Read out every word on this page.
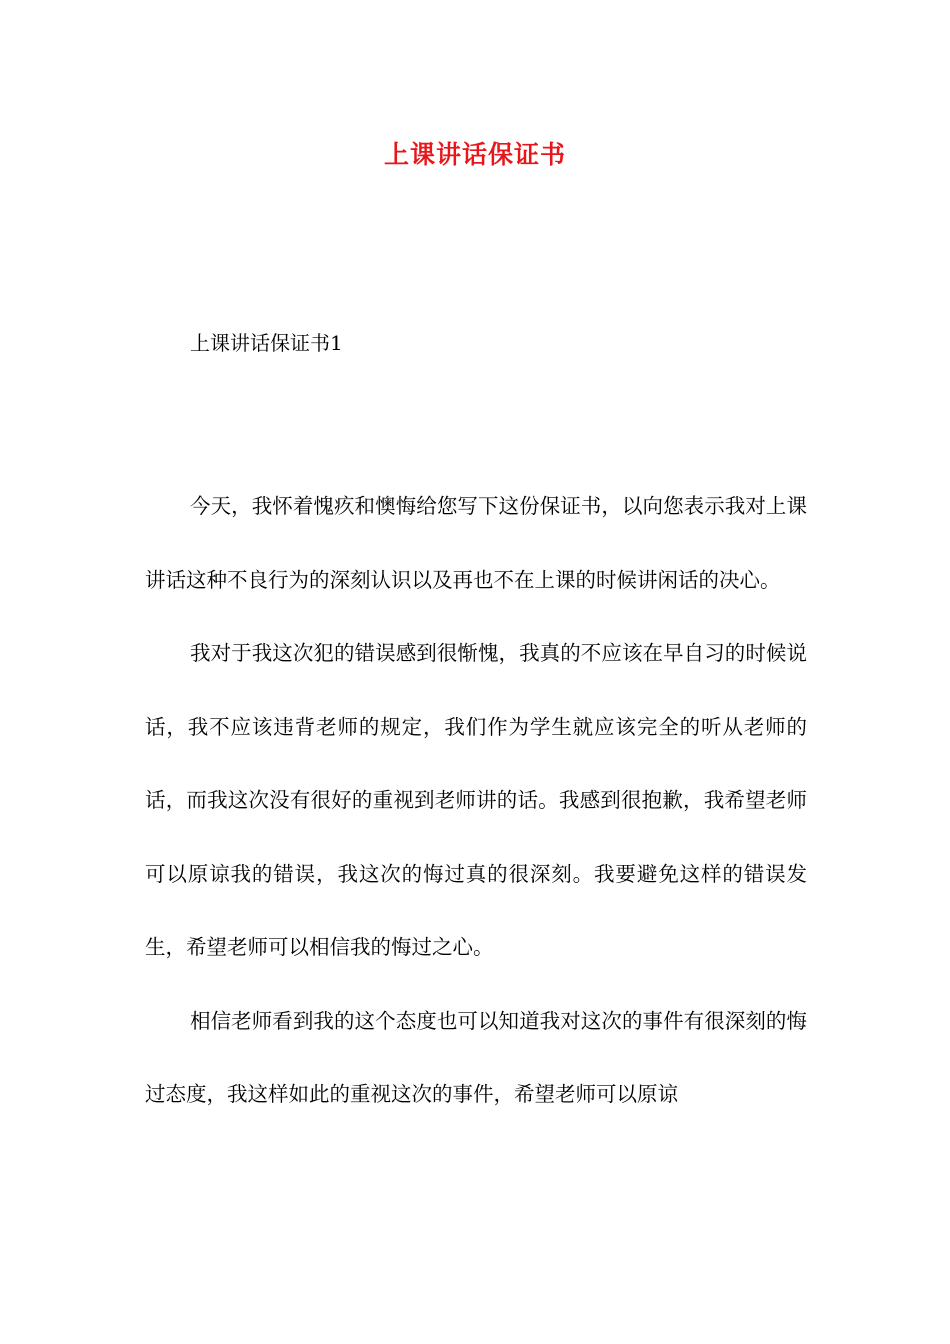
上课讲话保证书

上课讲话保证书1

今天，我怀着愧疚和懊悔给您写下这份保证书，以向您表示我对上课讲话这种不良行为的深刻认识以及再也不在上课的时候讲闲话的决心。

我对于我这次犯的错误感到很惭愧，我真的不应该在早自习的时候说话，我不应该违背老师的规定，我们作为学生就应该完全的听从老师的话，而我这次没有很好的重视到老师讲的话。我感到很抱歉，我希望老师可以原谅我的错误，我这次的悔过真的很深刻。我要避免这样的错误发生，希望老师可以相信我的悔过之心。

相信老师看到我的这个态度也可以知道我对这次的事件有很深刻的悔过态度，我这样如此的重视这次的事件，希望老师可以原谅
